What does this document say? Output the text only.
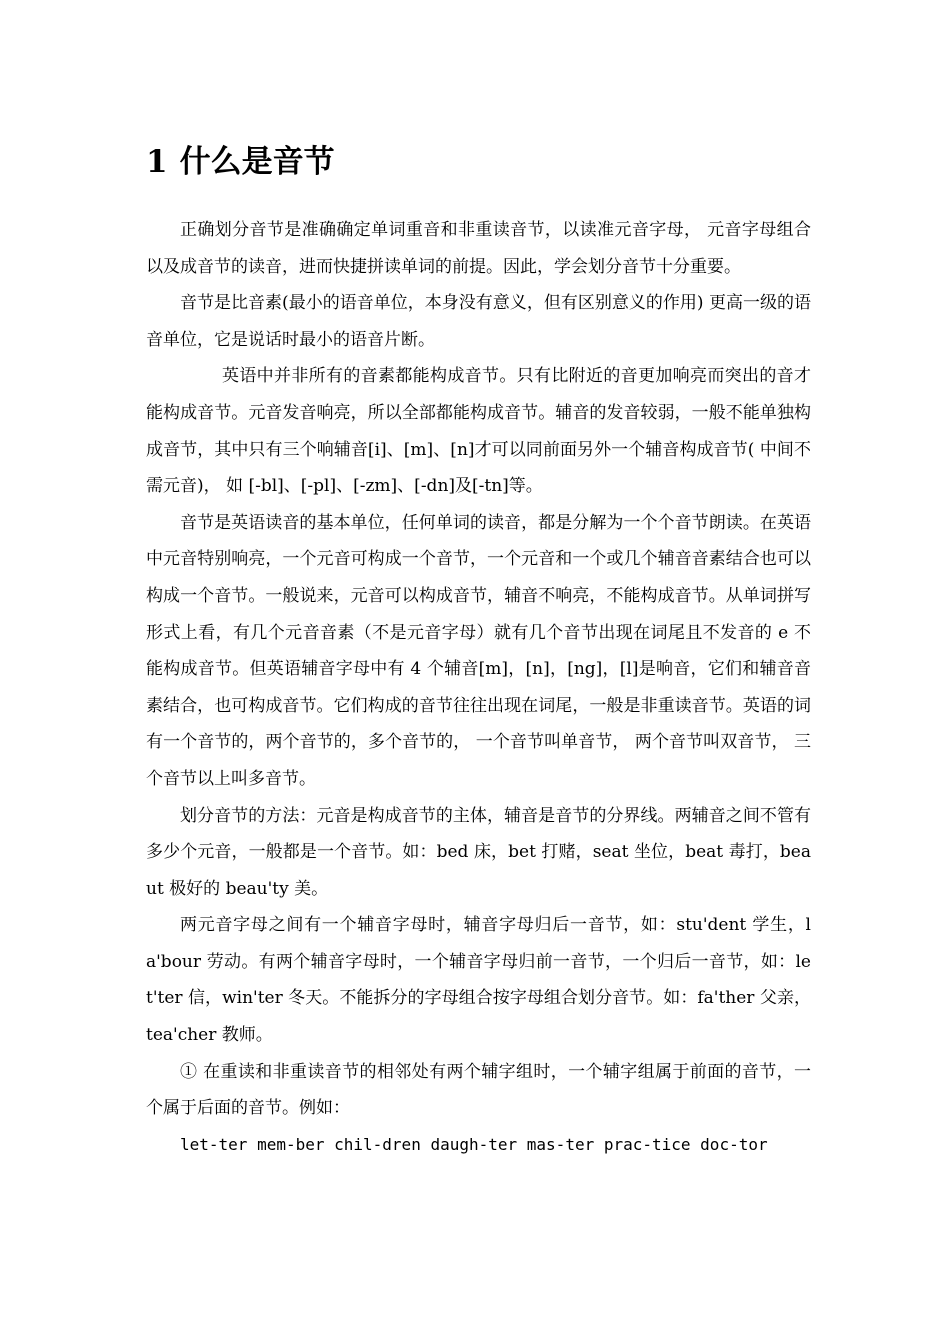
1 什么是音节

正确划分音节是准确确定单词重音和非重读音节，以读准元音字母， 元音字母组合以及成音节的读音，进而快捷拼读单词的前提。因此，学会划分音节十分重要。

音节是比音素(最小的语音单位，本身没有意义，但有区别意义的作用) 更高一级的语音单位，它是说话时最小的语音片断。

英语中并非所有的音素都能构成音节。只有比附近的音更加响亮而突出的音才能构成音节。元音发音响亮，所以全部都能构成音节。辅音的发音较弱，一般不能单独构成音节，其中只有三个响辅音[i]、[m]、[n]才可以同前面另外一个辅音构成音节( 中间不需元音)， 如 [-bl]、[-pl]、[-zm]、[-dn]及[-tn]等。

音节是英语读音的基本单位，任何单词的读音，都是分解为一个个音节朗读。在英语中元音特别响亮，一个元音可构成一个音节，一个元音和一个或几个辅音音素结合也可以构成一个音节。一般说来，元音可以构成音节，辅音不响亮，不能构成音节。从单词拼写形式上看，有几个元音音素（不是元音字母）就有几个音节出现在词尾且不发音的 e 不能构成音节。但英语辅音字母中有 4 个辅音[m]，[n]，[ng]，[l]是响音，它们和辅音音素结合，也可构成音节。它们构成的音节往往出现在词尾，一般是非重读音节。英语的词有一个音节的，两个音节的，多个音节的， 一个音节叫单音节， 两个音节叫双音节， 三个音节以上叫多音节。

划分音节的方法：元音是构成音节的主体，辅音是音节的分界线。两辅音之间不管有多少个元音，一般都是一个音节。如：bed 床，bet 打赌，seat 坐位，beat 毒打，beaut 极好的 beau'ty 美。

两元音字母之间有一个辅音字母时，辅音字母归后一音节，如：stu'dent 学生，la'bour 劳动。有两个辅音字母时，一个辅音字母归前一音节，一个归后一音节，如：let'ter 信，win'ter 冬天。不能拆分的字母组合按字母组合划分音节。如：fa'ther 父亲，tea'cher 教师。

① 在重读和非重读音节的相邻处有两个辅字组时，一个辅字组属于前面的音节，一个属于后面的音节。例如：

let-ter mem-ber chil-dren daugh-ter mas-ter prac-tice doc-tor
